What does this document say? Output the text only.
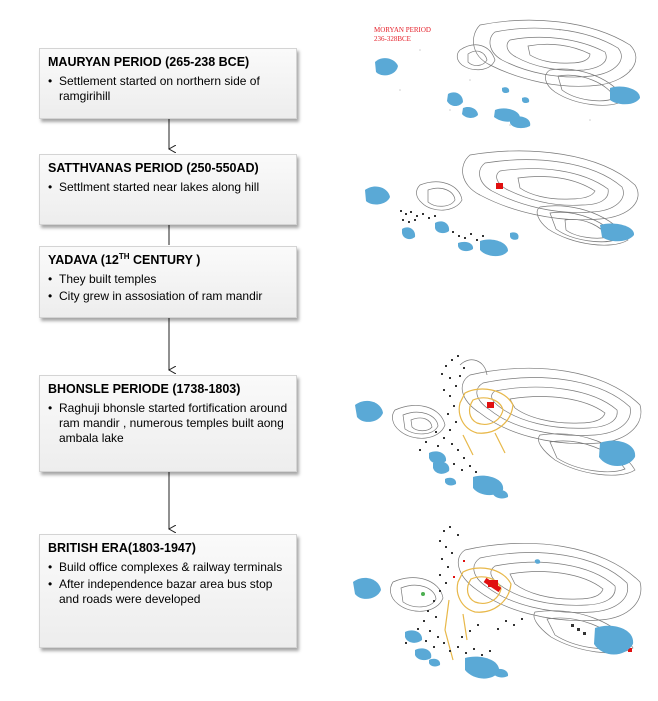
MAURYAN PERIOD (265-238 BCE)
• Settlement started on northern side of ramgirihill
SATTHVANAS PERIOD (250-550AD)
• Settlment started near lakes along hill
YADAVA (12TH CENTURY )
• They built temples
• City grew in assosiation of ram mandir
BHONSLE PERIODE (1738-1803)
• Raghuji bhonsle started fortification around ram mandir , numerous temples built aong ambala lake
BRITISH ERA(1803-1947)
• Build office complexes & railway terminals
• After independence bazar area bus stop and roads were developed
MORYAN PERIOD
236-328BCE
